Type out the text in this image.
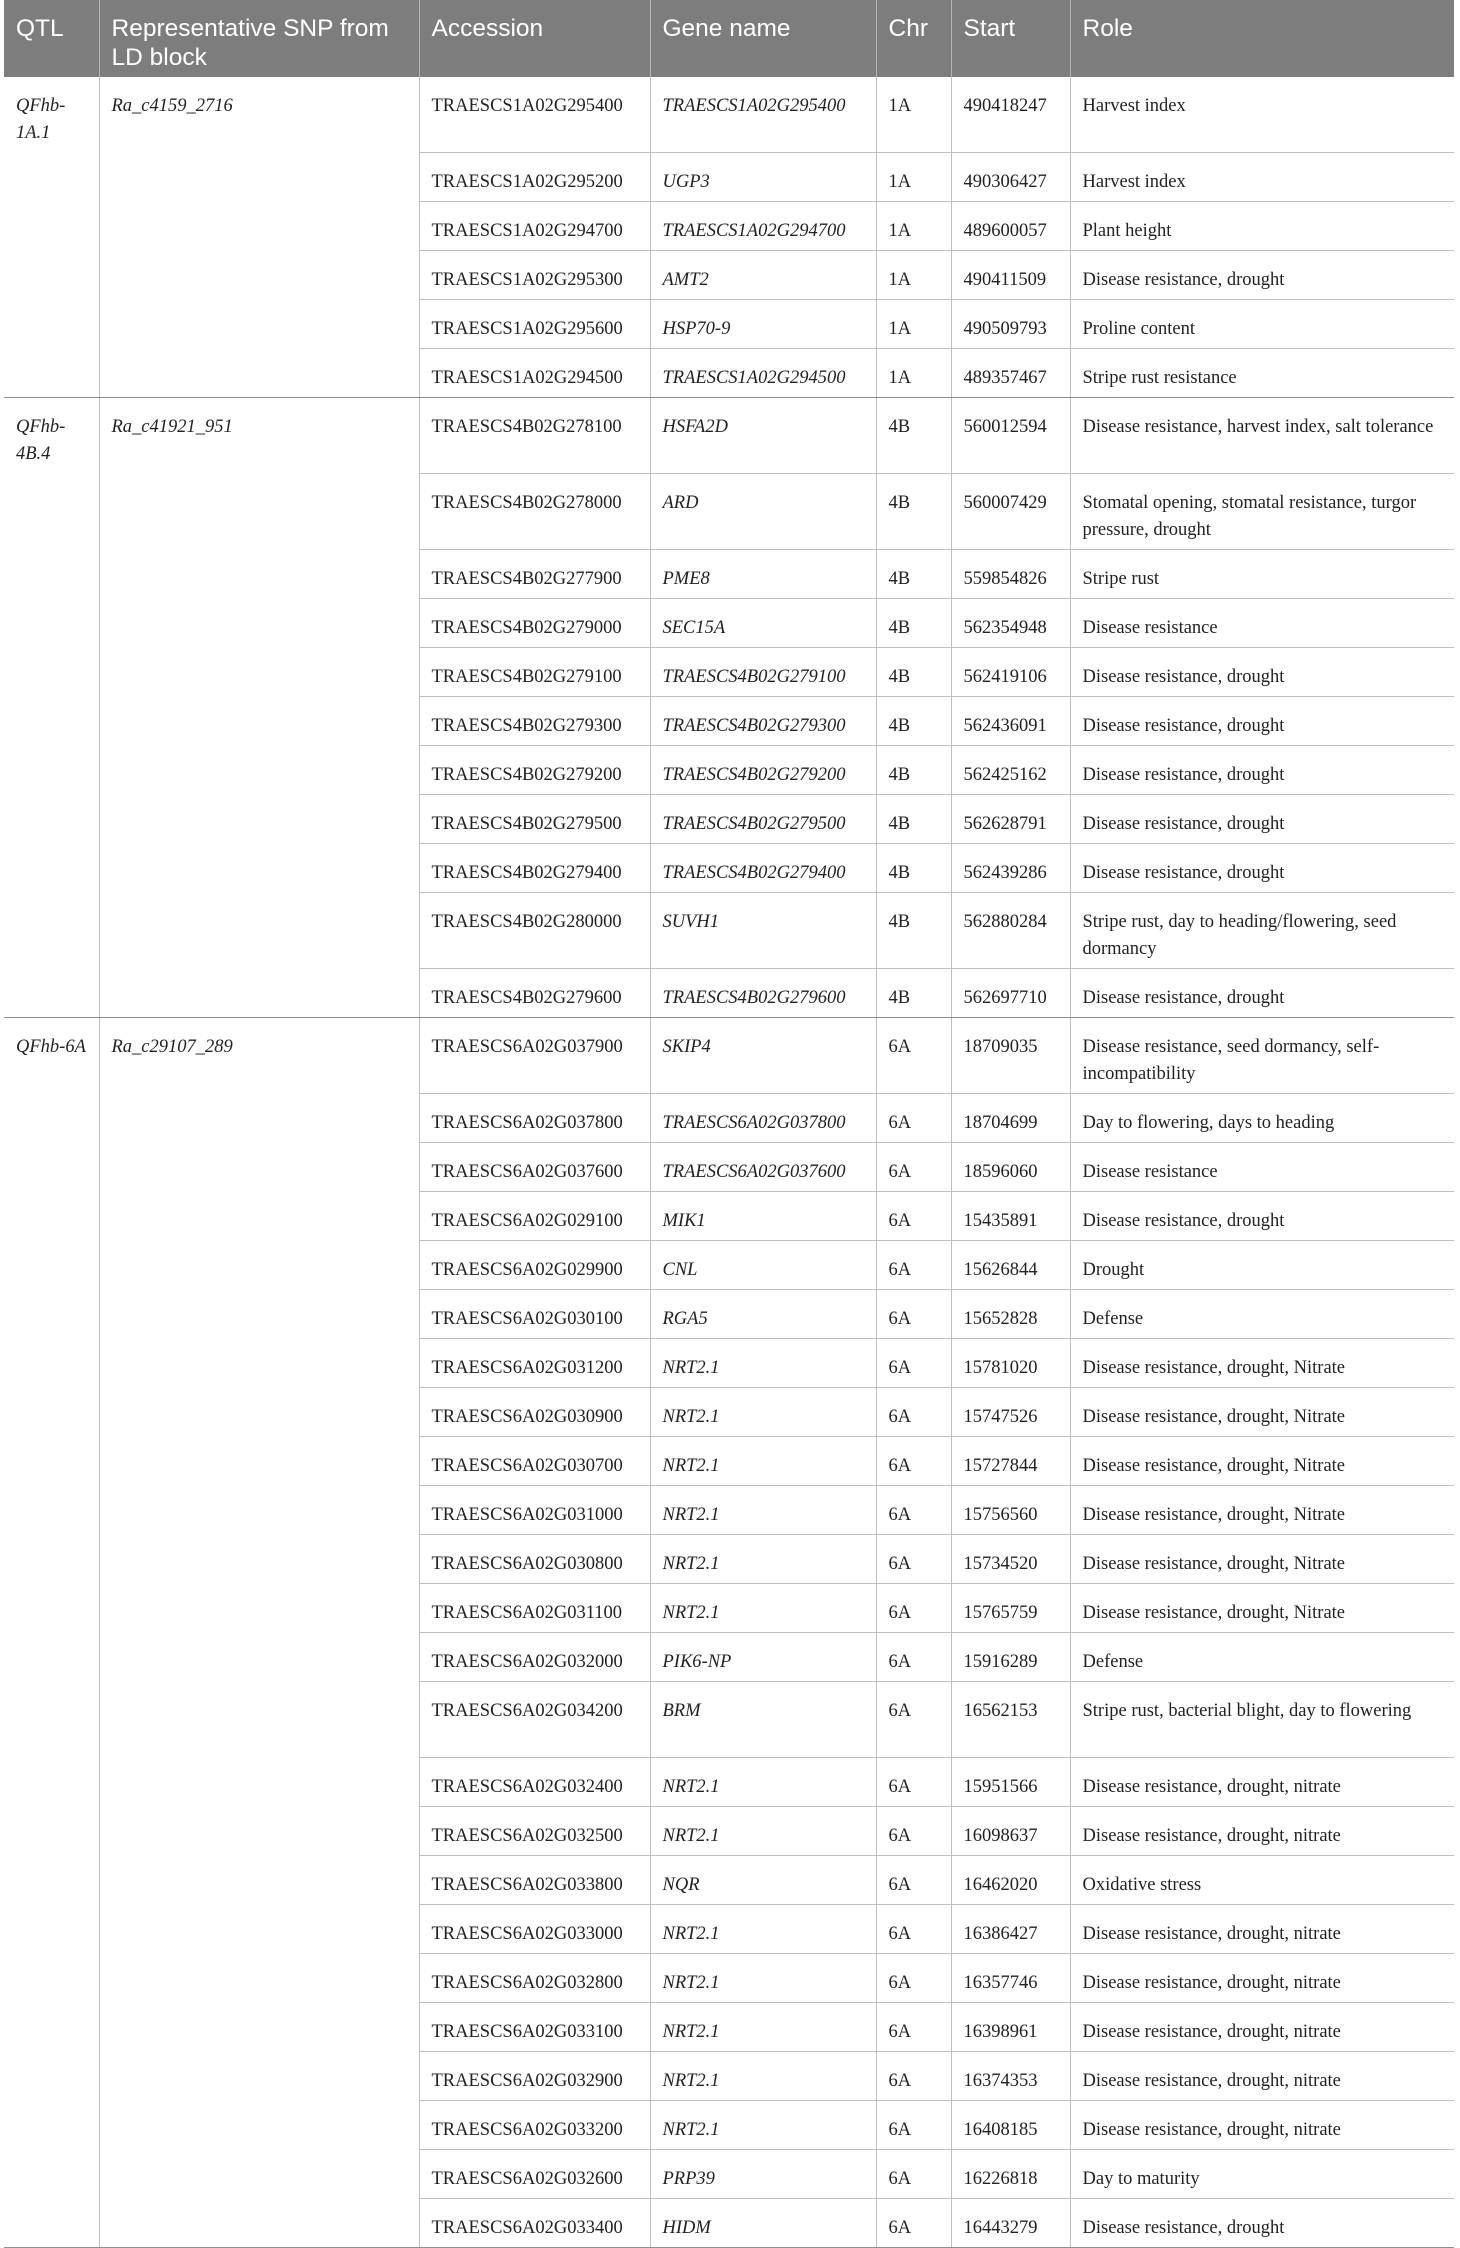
QTL	Representative SNP from LD block	Accession	Gene name	Chr	Start	Role
QFhb-1A.1	Ra_c4159_2716	TRAESCS1A02G295400	TRAESCS1A02G295400	1A	490418247	Harvest index
		TRAESCS1A02G295200	UGP3	1A	490306427	Harvest index
		TRAESCS1A02G294700	TRAESCS1A02G294700	1A	489600057	Plant height
		TRAESCS1A02G295300	AMT2	1A	490411509	Disease resistance, drought
		TRAESCS1A02G295600	HSP70-9	1A	490509793	Proline content
		TRAESCS1A02G294500	TRAESCS1A02G294500	1A	489357467	Stripe rust resistance
QFhb-4B.4	Ra_c41921_951	TRAESCS4B02G278100	HSFA2D	4B	560012594	Disease resistance, harvest index, salt tolerance
		TRAESCS4B02G278000	ARD	4B	560007429	Stomatal opening, stomatal resistance, turgor pressure, drought
		TRAESCS4B02G277900	PME8	4B	559854826	Stripe rust
		TRAESCS4B02G279000	SEC15A	4B	562354948	Disease resistance
		TRAESCS4B02G279100	TRAESCS4B02G279100	4B	562419106	Disease resistance, drought
		TRAESCS4B02G279300	TRAESCS4B02G279300	4B	562436091	Disease resistance, drought
		TRAESCS4B02G279200	TRAESCS4B02G279200	4B	562425162	Disease resistance, drought
		TRAESCS4B02G279500	TRAESCS4B02G279500	4B	562628791	Disease resistance, drought
		TRAESCS4B02G279400	TRAESCS4B02G279400	4B	562439286	Disease resistance, drought
		TRAESCS4B02G280000	SUVH1	4B	562880284	Stripe rust, day to heading/flowering, seed dormancy
		TRAESCS4B02G279600	TRAESCS4B02G279600	4B	562697710	Disease resistance, drought
QFhb-6A	Ra_c29107_289	TRAESCS6A02G037900	SKIP4	6A	18709035	Disease resistance, seed dormancy, self-incompatibility
		TRAESCS6A02G037800	TRAESCS6A02G037800	6A	18704699	Day to flowering, days to heading
		TRAESCS6A02G037600	TRAESCS6A02G037600	6A	18596060	Disease resistance
		TRAESCS6A02G029100	MIK1	6A	15435891	Disease resistance, drought
		TRAESCS6A02G029900	CNL	6A	15626844	Drought
		TRAESCS6A02G030100	RGA5	6A	15652828	Defense
		TRAESCS6A02G031200	NRT2.1	6A	15781020	Disease resistance, drought, Nitrate
		TRAESCS6A02G030900	NRT2.1	6A	15747526	Disease resistance, drought, Nitrate
		TRAESCS6A02G030700	NRT2.1	6A	15727844	Disease resistance, drought, Nitrate
		TRAESCS6A02G031000	NRT2.1	6A	15756560	Disease resistance, drought, Nitrate
		TRAESCS6A02G030800	NRT2.1	6A	15734520	Disease resistance, drought, Nitrate
		TRAESCS6A02G031100	NRT2.1	6A	15765759	Disease resistance, drought, Nitrate
		TRAESCS6A02G032000	PIK6-NP	6A	15916289	Defense
		TRAESCS6A02G034200	BRM	6A	16562153	Stripe rust, bacterial blight, day to flowering
		TRAESCS6A02G032400	NRT2.1	6A	15951566	Disease resistance, drought, nitrate
		TRAESCS6A02G032500	NRT2.1	6A	16098637	Disease resistance, drought, nitrate
		TRAESCS6A02G033800	NQR	6A	16462020	Oxidative stress
		TRAESCS6A02G033000	NRT2.1	6A	16386427	Disease resistance, drought, nitrate
		TRAESCS6A02G032800	NRT2.1	6A	16357746	Disease resistance, drought, nitrate
		TRAESCS6A02G033100	NRT2.1	6A	16398961	Disease resistance, drought, nitrate
		TRAESCS6A02G032900	NRT2.1	6A	16374353	Disease resistance, drought, nitrate
		TRAESCS6A02G033200	NRT2.1	6A	16408185	Disease resistance, drought, nitrate
		TRAESCS6A02G032600	PRP39	6A	16226818	Day to maturity
		TRAESCS6A02G033400	HIDM	6A	16443279	Disease resistance, drought
